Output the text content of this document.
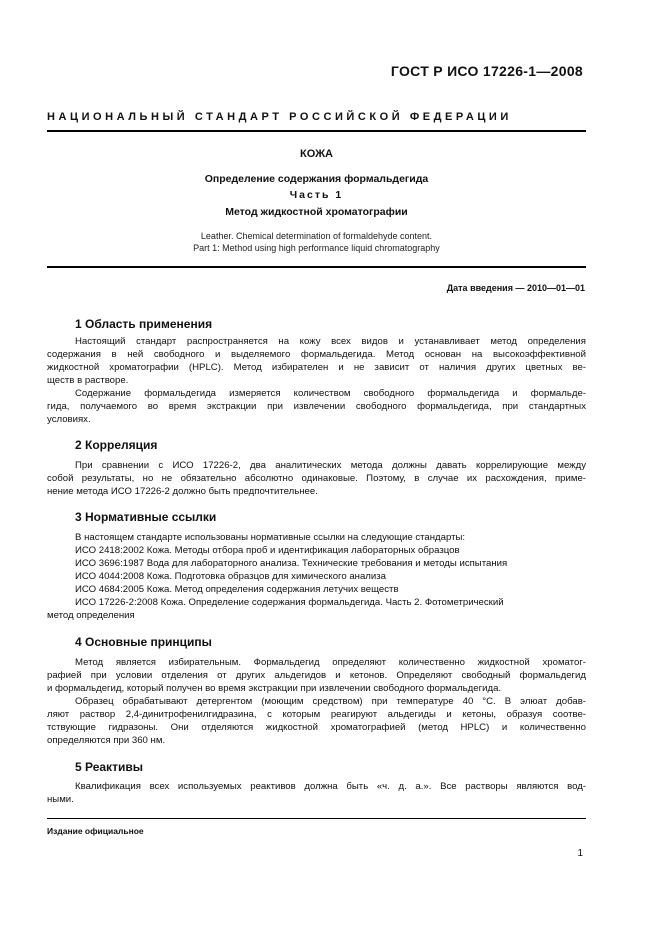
ГОСТ Р ИСО 17226-1—2008
НАЦИОНАЛЬНЫЙ СТАНДАРТ РОССИЙСКОЙ ФЕДЕРАЦИИ
КОЖА
Определение содержания формальдегида
Часть 1
Метод жидкостной хроматографии
Leather. Chemical determination of formaldehyde content.
Part 1: Method using high performance liquid chromatography
Дата введения — 2010—01—01
1 Область применения
Настоящий стандарт распространяется на кожу всех видов и устанавливает метод определения
содержания в ней свободного и выделяемого формальдегида. Метод основан на высокоэффективной
жидкостной хроматографии (HPLC). Метод избирателен и не зависит от наличия других цветных ве-
ществ в растворе.
Содержание формальдегида измеряется количеством свободного формальдегида и формальде-
гида, получаемого во время экстракции при извлечении свободного формальдегида, при стандартных
условиях.
2 Корреляция
При сравнении с ИСО 17226-2, два аналитических метода должны давать коррелирующие между
собой результаты, но не обязательно абсолютно одинаковые. Поэтому, в случае их расхождения, приме-
нение метода ИСО 17226-2 должно быть предпочтительнее.
3 Нормативные ссылки
В настоящем стандарте использованы нормативные ссылки на следующие стандарты:
ИСО 2418:2002 Кожа. Методы отбора проб и идентификация лабораторных образцов
ИСО 3696:1987 Вода для лабораторного анализа. Технические требования и методы испытания
ИСО 4044:2008 Кожа. Подготовка образцов для химического анализа
ИСО 4684:2005 Кожа. Метод определения содержания летучих веществ
ИСО 17226-2:2008 Кожа. Определение содержания формальдегида. Часть 2. Фотометрический
метод определения
4 Основные принципы
Метод является избирательным. Формальдегид определяют количественно жидкостной хроматог-
рафией при условии отделения от других альдегидов и кетонов. Определяют свободный формальдегид
и формальдегид, который получен во время экстракции при извлечении свободного формальдегида.
Образец обрабатывают детергентом (моющим средством) при температуре 40 °С. В элюат добав-
ляют раствор 2,4-динитрофенилгидразина, с которым реагируют альдегиды и кетоны, образуя соотве-
тствующие гидразоны. Они отделяются жидкостной хроматографией (метод HPLC) и количественно
определяются при 360 нм.
5 Реактивы
Квалификация всех используемых реактивов должна быть «ч. д. а.». Все растворы являются вод-
ными.
Издание официальное
1
